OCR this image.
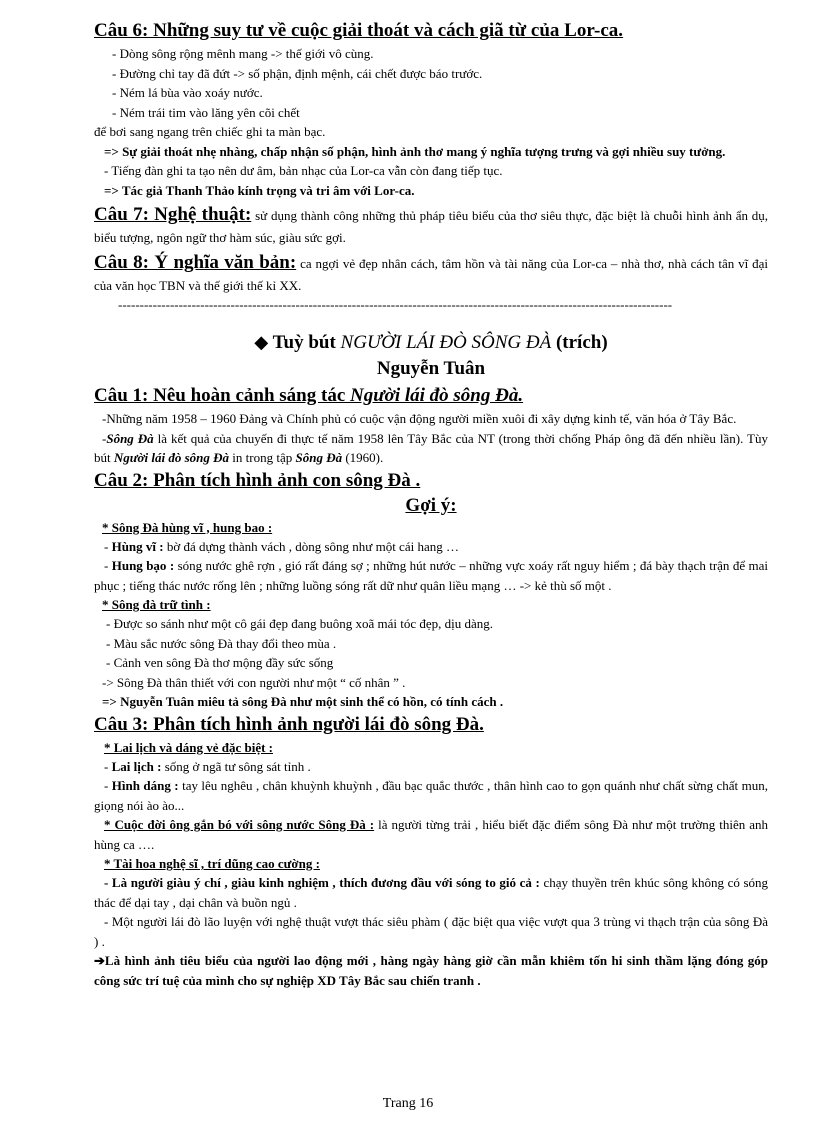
Câu 6: Những suy tư về cuộc giải thoát và cách giã từ của Lor-ca.
- Dòng sông rộng mênh mang -> thế giới vô cùng.
- Đường chỉ tay đã đứt -> số phận, định mệnh, cái chết được báo trước.
- Ném lá bùa vào xoáy nước.
- Ném trái tim vào lăng yên cõi chết
để bơi sang ngang trên chiếc ghi ta màn bạc.
=> Sự giải thoát nhẹ nhàng, chấp nhận số phận, hình ảnh thơ mang ý nghĩa tượng trưng và gợi nhiều suy tưởng.
- Tiếng đàn ghi ta tạo nên dư âm, bản nhạc của Lor-ca vẫn còn đang tiếp tục.
=> Tác giả Thanh Thảo kính trọng và tri âm với Lor-ca.
Câu 7: Nghệ thuật: sử dụng thành công những thủ pháp tiêu biểu của thơ siêu thực, đặc biệt là chuỗi hình ảnh ẩn dụ, biểu tượng, ngôn ngữ thơ hàm súc, giàu sức gợi.
Câu 8: Ý nghĩa văn bản: ca ngợi vẻ đẹp nhân cách, tâm hồn và tài năng của Lor-ca – nhà thơ, nhà cách tân vĩ đại của văn học TBN và thế giới thế kỉ XX.
--------------------------------------------------------------------------------------------------------------------------------
◆ Tuỳ bút NGƯỜI LÁI ĐÒ SÔNG ĐÀ (trích)
Nguyễn Tuân
Câu 1: Nêu hoàn cảnh sáng tác Người lái đò sông Đà.
-Những năm 1958 – 1960 Đảng và Chính phủ có cuộc vận động người miền xuôi đi xây dựng kinh tế, văn hóa ở Tây Bắc.
-Sông Đà là kết quả của chuyến đi thực tế năm 1958 lên Tây Bắc của NT (trong thời chống Pháp ông đã đến nhiều lần). Tùy bút Người lái đò sông Đà in trong tập Sông Đà (1960).
Câu 2: Phân tích hình ảnh con sông Đà .
Gợi ý:
* Sông Đà hùng vĩ , hung bao :
- Hùng vĩ : bờ đá dựng thành vách , dòng sông như một cái hang …
- Hung bạo : sóng nước ghê rợn , gió rất đáng sợ ; những hút nước – những vực xoáy rất nguy hiểm ; đá bày thạch trận để mai phục ; tiếng thác nước rống lên ; những luồng sóng rất dữ như quân liều mạng … -> kẻ thù số một .
* Sông đà trữ tình :
- Được so sánh như một cô gái đẹp đang buông xoã mái tóc đẹp, dịu dàng.
- Màu sắc nước sông Đà thay đổi theo mùa .
- Cảnh ven sông Đà thơ mộng đầy sức sống
-> Sông Đà thân thiết với con người như một “ cố nhân ” .
=> Nguyễn Tuân miêu tả sông Đà như một sinh thể có hồn, có tính cách .
Câu 3: Phân tích hình ảnh người lái đò sông Đà.
* Lai lịch và dáng vẻ đặc biệt :
- Lai lịch : sống ở ngã tư sông sát tỉnh .
- Hình dáng : tay lêu nghêu , chân khuỳnh khuỳnh , đầu bạc quắc thước , thân hình cao to gọn quánh như chất sừng chất mun, giọng nói ào ào...
* Cuộc đời ông gắn bó với sông nước Sông Đà : là người từng trải , hiểu biết đặc điểm sông Đà như một trường thiên anh hùng ca ….
* Tài hoa nghệ sĩ , trí dũng cao cường :
- Là người giàu ý chí , giàu kinh nghiệm , thích đương đầu với sóng to gió cả : chạy thuyền trên khúc sông không có sóng thác để dại tay , dại chân và buồn ngủ .
- Một người lái đò lão luyện với nghệ thuật vượt thác siêu phàm ( đặc biệt qua việc vượt qua 3 trùng vi thạch trận của sông Đà ) .
➔Là hình ảnh tiêu biểu của người lao động mới , hàng ngày hàng giờ cần mẫn khiêm tốn hi sinh thầm lặng đóng góp công sức trí tuệ của mình cho sự nghiệp XD Tây Bắc sau chiến tranh .
Trang 16
